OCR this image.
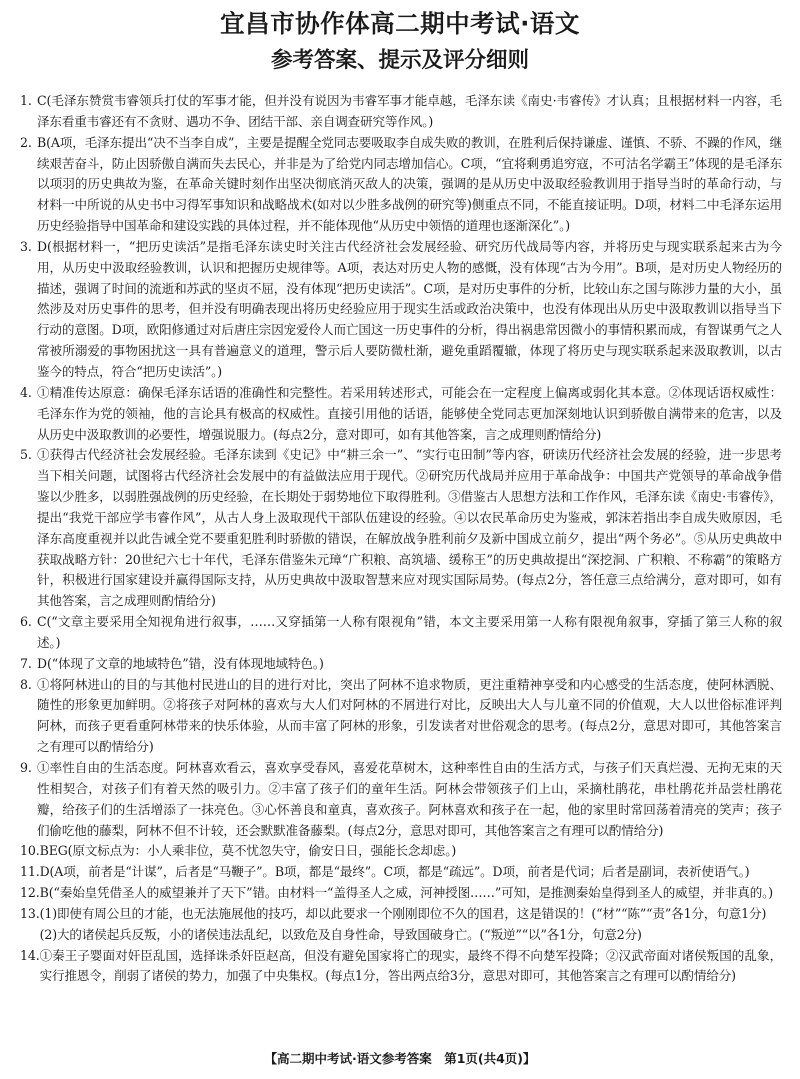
宜昌市协作体高二期中考试·语文
参考答案、提示及评分细则
1. C(毛泽东赞赏韦睿领兵打仗的军事才能，但并没有说因为韦睿军事才能卓越，毛泽东读《南史·韦睿传》才认真；且根据材料一内容，毛泽东看重韦睿还有不贪财、遇功不争、团结干部、亲自调查研究等作风。)

2. B(A项，毛泽东提出“决不当李自成”，主要是提醒全党同志要吸取李自成失败的教训，在胜利后保持谦虚、谨慎、不骄、不躁的作风，继续艰苦奋斗，防止因骄傲自满而失去民心，并非是为了给党内同志增加信心。C项，“宜将剩勇追穷寇，不可沽名学霸王”体现的是毛泽东以项羽的历史典故为鉴，在革命关键时刻作出坚决彻底消灭敌人的决策，强调的是从历史中汲取经验教训用于指导当时的革命行动，与材料一中所说的从史书中习得军事知识和战略战术(如对以少胜多战例的研究等)侧重点不同，不能直接证明。D项，材料二中毛泽东运用历史经验指导中国革命和建设实践的具体过程，并不能体现他“从历史中领悟的道理也逐渐深化”。)

3. D(根据材料一，“把历史读活”是指毛泽东读史时关注古代经济社会发展经验、研究历代战局等内容，并将历史与现实联系起来古为今用，从历史中汲取经验教训，认识和把握历史规律等。A项，表达对历史人物的感慨，没有体现“古为今用”。B项，是对历史人物经历的描述，强调了时间的流逝和苏武的坚贞不屈，没有体现“把历史读活”。C项，是对历史事件的分析，比较山东之国与陈涉力量的大小，虽然涉及对历史事件的思考，但并没有明确表现出将历史经验应用于现实生活或政治决策中，也没有体现出从历史中汲取教训以指导当下行动的意图。D项，欧阳修通过对后唐庄宗因宠爱伶人而亡国这一历史事件的分析，得出祸患常因微小的事情积累而成，有智谋勇气之人常被所溺爱的事物困扰这一具有普遍意义的道理，警示后人要防微杜渐，避免重蹈覆辙，体现了将历史与现实联系起来汲取教训，以古鉴今的特点，符合“把历史读活”。)

4. ①精准传达原意：确保毛泽东话语的准确性和完整性。若采用转述形式，可能会在一定程度上偏离或弱化其本意。②体现话语权威性：毛泽东作为党的领袖，他的言论具有极高的权威性。直接引用他的话语，能够使全党同志更加深刻地认识到骄傲自满带来的危害，以及从历史中汲取教训的必要性，增强说服力。(每点2分，意对即可，如有其他答案，言之成理则酌情给分)

5. ①获得古代经济社会发展经验。毛泽东读到《史记》中“耕三余一”、“实行屯田制”等内容，研读历代经济社会发展的经验，进一步思考当下相关问题，试图将古代经济社会发展中的有益做法应用于现代。②研究历代战局并应用于革命战争：中国共产党领导的革命战争借鉴以少胜多，以弱胜强战例的历史经验，在长期处于弱势地位下取得胜利。③借鉴古人思想方法和工作作风，毛泽东读《南史·韦睿传》，提出“我党干部应学韦睿作风”，从古人身上汲取现代干部队伍建设的经验。④以农民革命历史为鉴戒，郭沫若指出李自成失败原因，毛泽东高度重视并以此告诫全党不要重犯胜利时骄傲的错误，在解放战争胜利前夕及新中国成立前夕，提出“两个务必”。⑤从历史典故中获取战略方针：20世纪六七十年代，毛泽东借鉴朱元璋“广积粮、高筑墙、缓称王”的历史典故提出“深挖洞、广积粮、不称霸”的策略方针，积极进行国家建设并赢得国际支持，从历史典故中汲取智慧来应对现实国际局势。(每点2分，答任意三点给满分，意对即可，如有其他答案，言之成理则酌情给分)

6. C(“文章主要采用全知视角进行叙事，……又穿插第一人称有限视角”错，本文主要采用第一人称有限视角叙事，穿插了第三人称的叙述。)

7. D(“体现了文章的地域特色”错，没有体现地域特色。)

8. ①将阿林进山的目的与其他村民进山的目的进行对比，突出了阿林不追求物质，更注重精神享受和内心感受的生活态度，使阿林洒脱、随性的形象更加鲜明。②将孩子对阿林的喜欢与大人们对阿林的不屑进行对比，反映出大人与儿童不同的价值观，大人以世俗标准评判阿林，而孩子更看重阿林带来的快乐体验，从而丰富了阿林的形象，引发读者对世俗观念的思考。(每点2分，意思对即可，其他答案言之有理可以酌情给分)

9. ①率性自由的生活态度。阿林喜欢看云，喜欢享受春风，喜爱花草树木，这种率性自由的生活方式，与孩子们天真烂漫、无拘无束的天性相契合，对孩子们有着天然的吸引力。②丰富了孩子们的童年生活。阿林会带领孩子们上山，采摘杜鹃花，串杜鹃花并品尝杜鹃花瓣，给孩子们的生活增添了一抹亮色。③心怀善良和童真，喜欢孩子。阿林喜欢和孩子在一起，他的家里时常回荡着清亮的笑声；孩子们偷吃他的藤梨，阿林不但不计较，还会默默准备藤梨。(每点2分，意思对即可，其他答案言之有理可以酌情给分)

10. BEG(原文标点为：小人乘非位，莫不忧忽失守，偷安日日，强能长念却虑。)

11. D(A项，前者是“计谋”，后者是“马鞭子”。B项，都是“最终”。C项，都是“疏远”。D项，前者是代词；后者是副词，表祈使语气。)

12. B(“秦始皇凭借圣人的威望兼并了天下”错。由材料一“盖得圣人之威，河神授图……”可知，是推测秦始皇得到圣人的威望，并非真的。)

13. (1)即使有周公旦的才能，也无法施展他的技巧，却以此要求一个刚刚即位不久的国君，这是错误的！(“材”“陈”“责”各1分，句意1分)

(2)大的诸侯起兵反叛，小的诸侯违法乱纪，以致危及自身性命，导致国破身亡。(“叛逆”“以”各1分，句意2分)

14. ①秦王子婴面对奸臣乱国，选择诛杀奸臣赵高，但没有避免国家将亡的现实，最终不得不向楚军投降；②汉武帝面对诸侯叛国的乱象，实行推恩令，削弱了诸侯的势力，加强了中央集权。(每点1分，答出两点给3分，意思对即可，其他答案言之有理可以酌情给分)

【高二期中考试·语文参考答案　第1页(共4页)】
